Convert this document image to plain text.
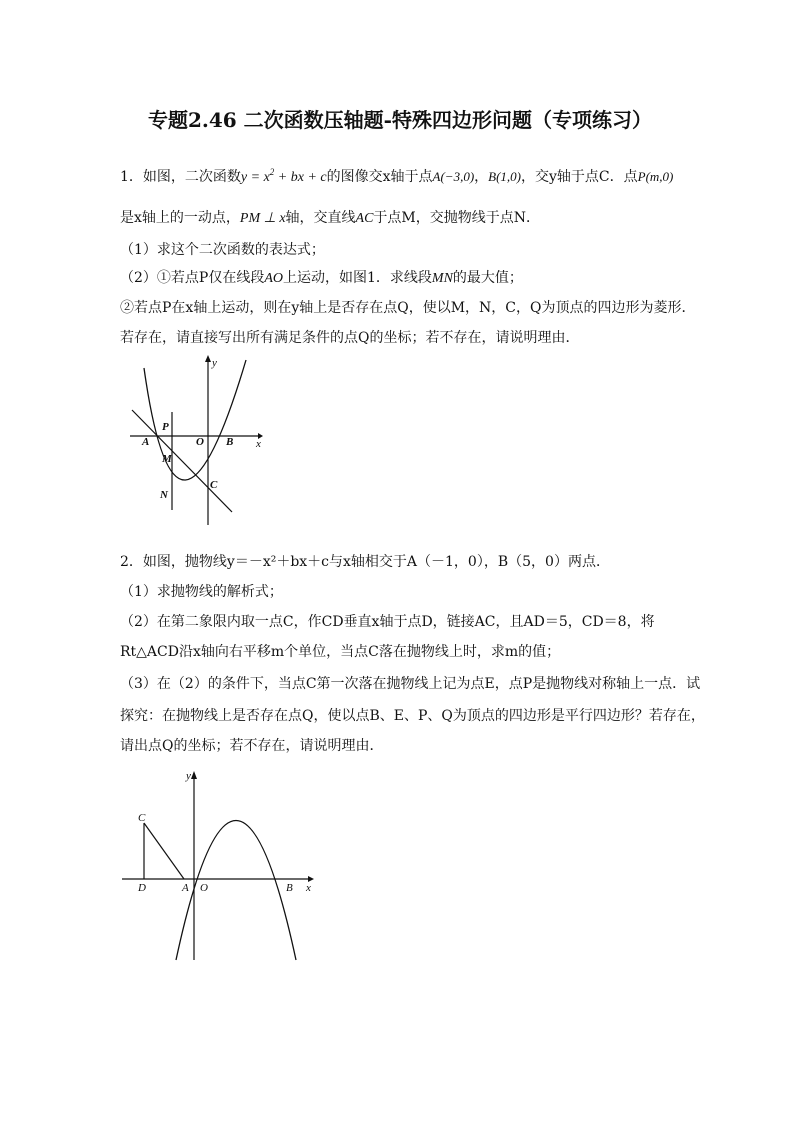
专题2.46 二次函数压轴题-特殊四边形问题（专项练习）
1．如图，二次函数$y = x^2$ + bx + c的图像交x轴于点A(−3,0)，B(1,0)，交y轴于点C．点P(m,0)
是x轴上的一动点，PM ⊥ x轴，交直线AC于点M，交抛物线于点N．
（1）求这个二次函数的表达式；
（2）①若点P仅在线段AO上运动，如图1．求线段MN的最大值；
②若点P在x轴上运动，则在y轴上是否存在点Q，使以M，N，C，Q为顶点的四边形为菱形．
若存在，请直接写出所有满足条件的点Q的坐标；若不存在，请说明理由．
y
x
A
P
O B
M
N
C
2．如图，抛物线y＝－x²＋bx＋c与x轴相交于A（－1，0），B（5，0）两点．
（1）求抛物线的解析式；
（2）在第二象限内取一点C，作CD垂直x轴于点D，链接AC，且AD＝5，CD＝8，将
Rt△ACD沿x轴向右平移m个单位，当点C落在抛物线上时，求m的值；
（3）在（2）的条件下，当点C第一次落在抛物线上记为点E，点P是抛物线对称轴上一点．试
探究：在抛物线上是否存在点Q，使以点B、E、P、Q为顶点的四边形是平行四边形？若存在，
请出点Q的坐标；若不存在，请说明理由．
y
x
C
D	A O	B
